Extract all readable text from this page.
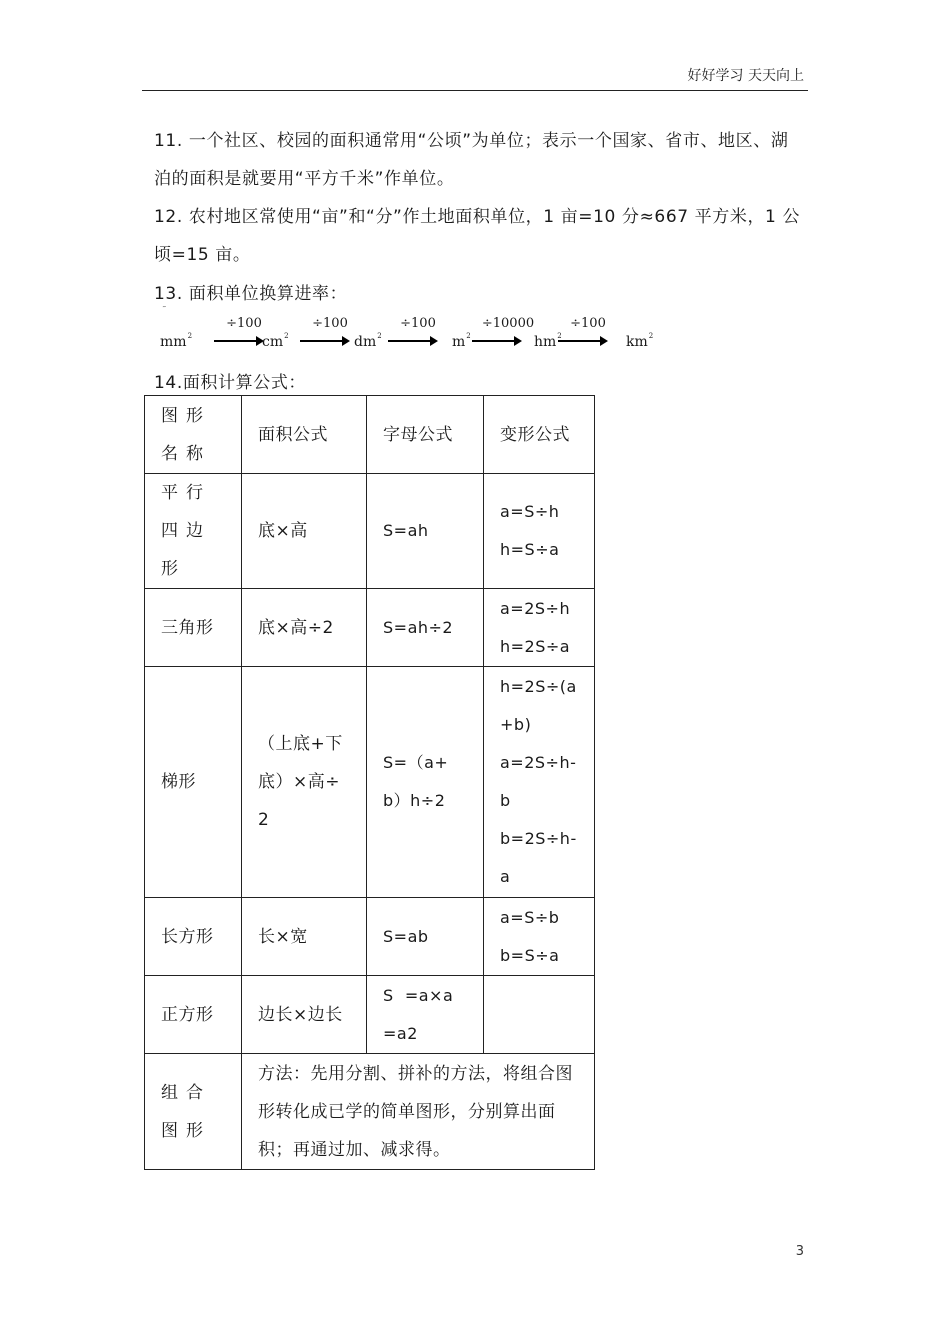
好好学习 天天向上
11. 一个社区、校园的面积通常用“公顷”为单位；表示一个国家、省市、地区、湖泊的面积是就要用“平方千米”作单位。
12. 农村地区常使用“亩”和“分”作土地面积单位，1 亩=10 分≈667 平方米，1 公顷=15 亩。
13. 面积单位换算进率：
˜
$mm^2$
÷100
$cm^2$
÷100
$dm^2$
÷100
$m^2$
÷10000
$hm^2$
÷100
$km^2$
14.面积计算公式：
图形名称	面积公式	字母公式	变形公式
平行四边形	底×高	S=ah	a=S÷h
h=S÷a

三角形	底×高÷2	S=ah÷2	a=2S÷h
h=2S÷a

梯形	（上底+下底）×高÷2	S=（a+b）h÷2	h=2S÷(a+b)
a=2S÷h-b
b=2S÷h-a

长方形	长×宽	S=ab	a=S÷b
b=S÷a

正方形	边长×边长	S  =a×a=a2	
组合图形	方法：先用分割、拼补的方法，将组合图形转化成已学的简单图形，分别算出面积；再通过加、减求得。		
3
